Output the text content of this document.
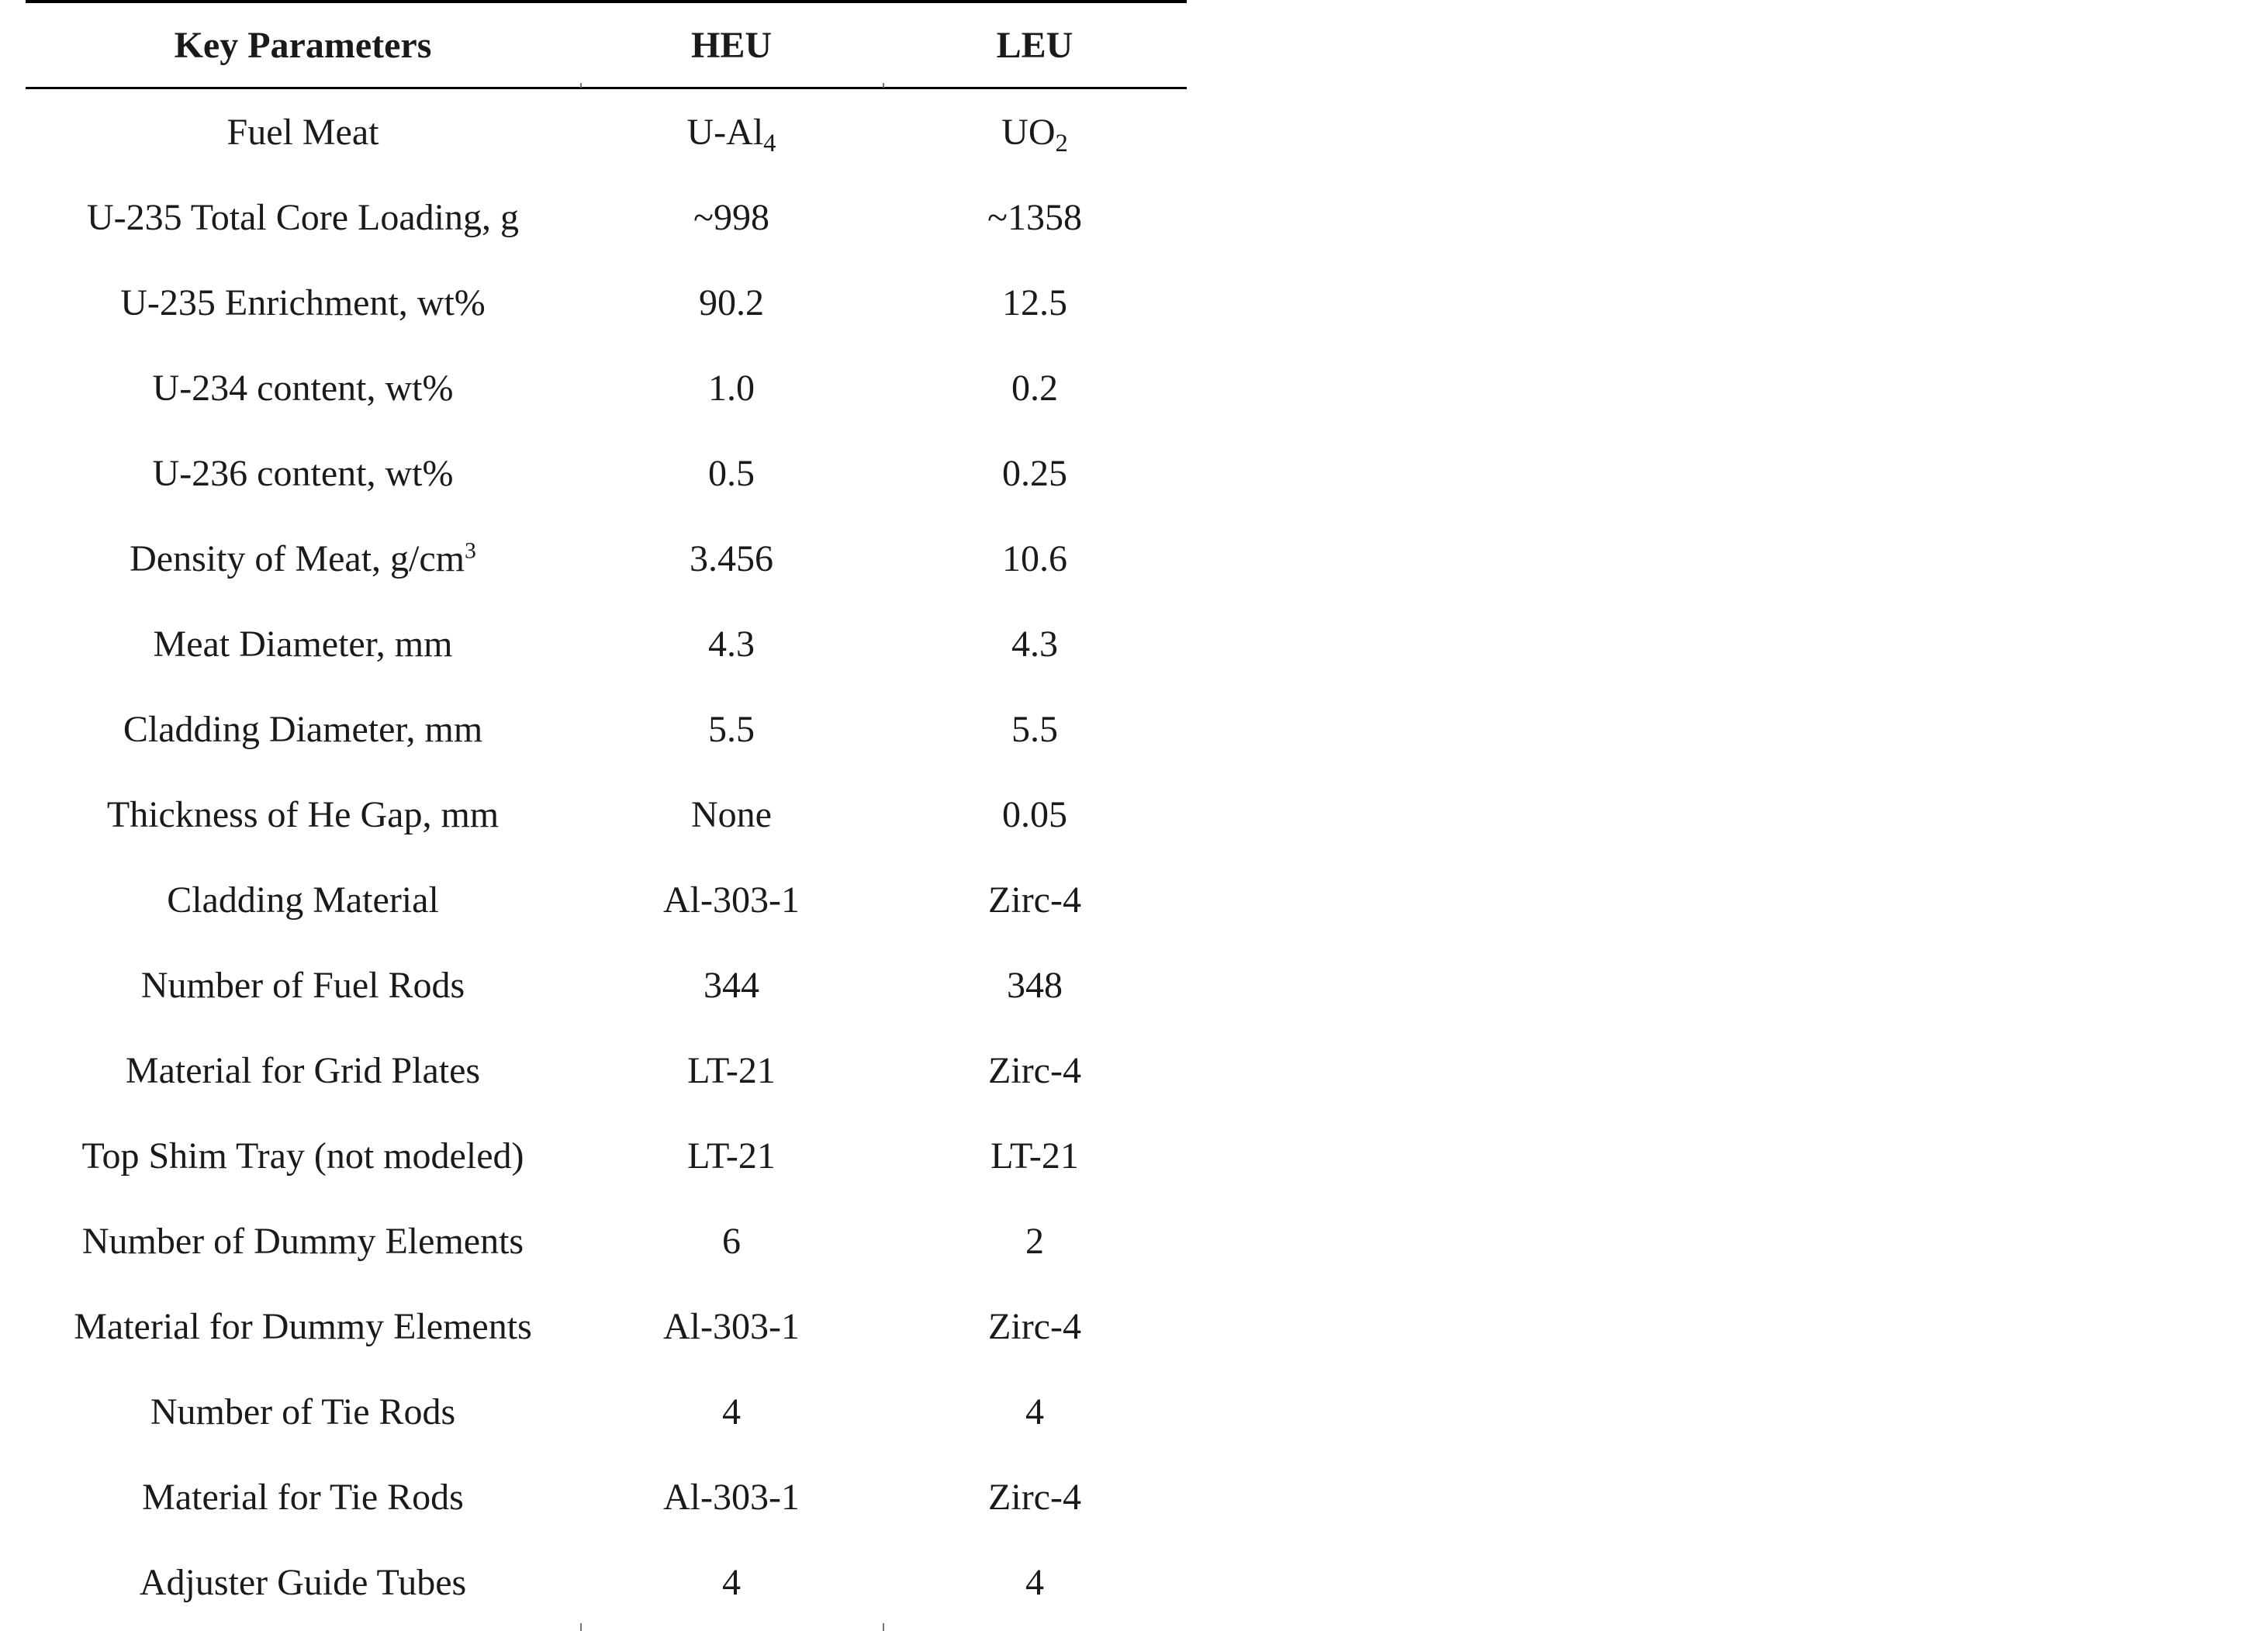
Key Parameters	HEU	LEU
Fuel Meat	$U-Al_4$	$UO_2$
U-235 Total Core Loading, g	~998	~1358
U-235 Enrichment, wt%	90.2	12.5
U-234 content, wt%	1.0	0.2
U-236 content, wt%	0.5	0.25
Density of Meat, $g/cm^3$	3.456	10.6
Meat Diameter, mm	4.3	4.3
Cladding Diameter, mm	5.5	5.5
Thickness of He Gap, mm	None	0.05
Cladding Material	Al-303-1	Zirc-4
Number of Fuel Rods	344	348
Material for Grid Plates	LT-21	Zirc-4
Top Shim Tray (not modeled)	LT-21	LT-21
Number of Dummy Elements	6	2
Material for Dummy Elements	Al-303-1	Zirc-4
Number of Tie Rods	4	4
Material for Tie Rods	Al-303-1	Zirc-4
Adjuster Guide Tubes	4	4
